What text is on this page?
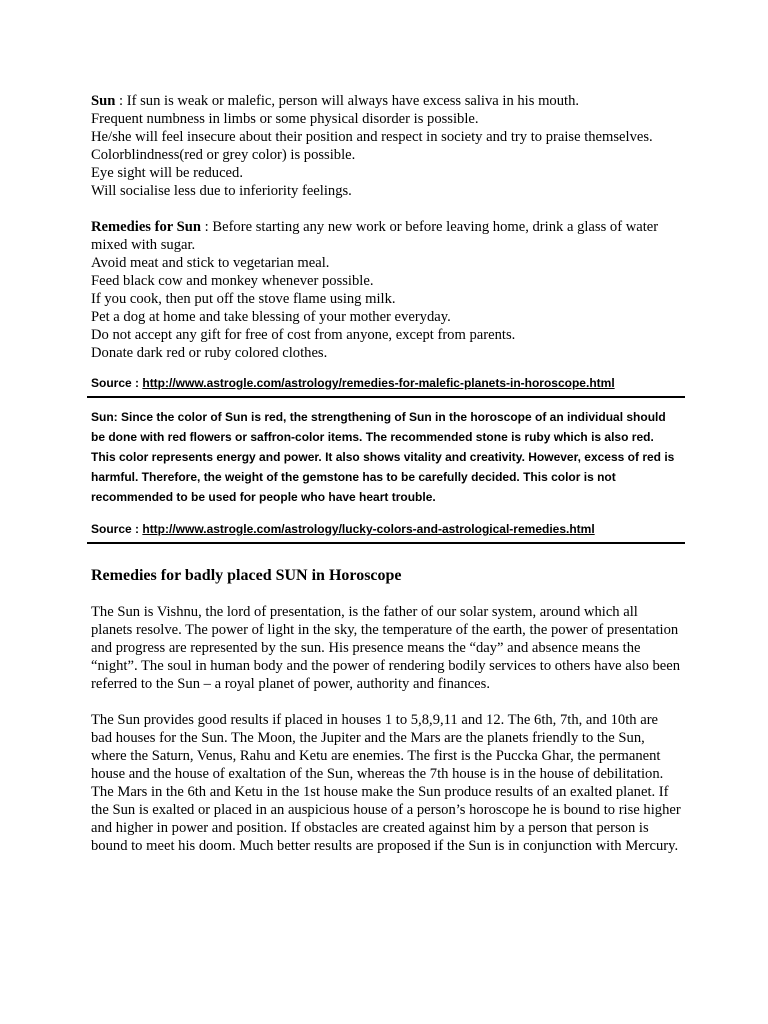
Sun : If sun is weak or malefic, person will always have excess saliva in his mouth.
Frequent numbness in limbs or some physical disorder is possible.
He/she will feel insecure about their position and respect in society and try to praise themselves.
Colorblindness(red or grey color) is possible.
Eye sight will be reduced.
Will socialise less due to inferiority feelings.
Remedies for Sun : Before starting any new work or before leaving home, drink a glass of water mixed with sugar.
Avoid meat and stick to vegetarian meal.
Feed black cow and monkey whenever possible.
If you cook, then put off the stove flame using milk.
Pet a dog at home and take blessing of your mother everyday.
Do not accept any gift for free of cost from anyone, except from parents.
Donate dark red or ruby colored clothes.
Source : http://www.astrogle.com/astrology/remedies-for-malefic-planets-in-horoscope.html
Sun: Since the color of Sun is red, the strengthening of Sun in the horoscope of an individual should be done with red flowers or saffron-color items. The recommended stone is ruby which is also red. This color represents energy and power. It also shows vitality and creativity. However, excess of red is harmful. Therefore, the weight of the gemstone has to be carefully decided. This color is not recommended to be used for people who have heart trouble.
Source : http://www.astrogle.com/astrology/lucky-colors-and-astrological-remedies.html
Remedies for badly placed SUN in Horoscope
The Sun is Vishnu, the lord of presentation, is the father of our solar system, around which all planets resolve. The power of light in the sky, the temperature of the earth, the power of presentation and progress are represented by the sun. His presence means the “day” and absence means the “night”. The soul in human body and the power of rendering bodily services to others have also been referred to the Sun – a royal planet of power, authority and finances.
The Sun provides good results if placed in houses 1 to 5,8,9,11 and 12. The 6th, 7th, and 10th are bad houses for the Sun. The Moon, the Jupiter and the Mars are the planets friendly to the Sun, where the Saturn, Venus, Rahu and Ketu are enemies. The first is the Puccka Ghar, the permanent house and the house of exaltation of the Sun, whereas the 7th house is in the house of debilitation. The Mars in the 6th and Ketu in the 1st house make the Sun produce results of an exalted planet. If the Sun is exalted or placed in an auspicious house of a person’s horoscope he is bound to rise higher and higher in power and position. If obstacles are created against him by a person that person is bound to meet his doom. Much better results are proposed if the Sun is in conjunction with Mercury.
